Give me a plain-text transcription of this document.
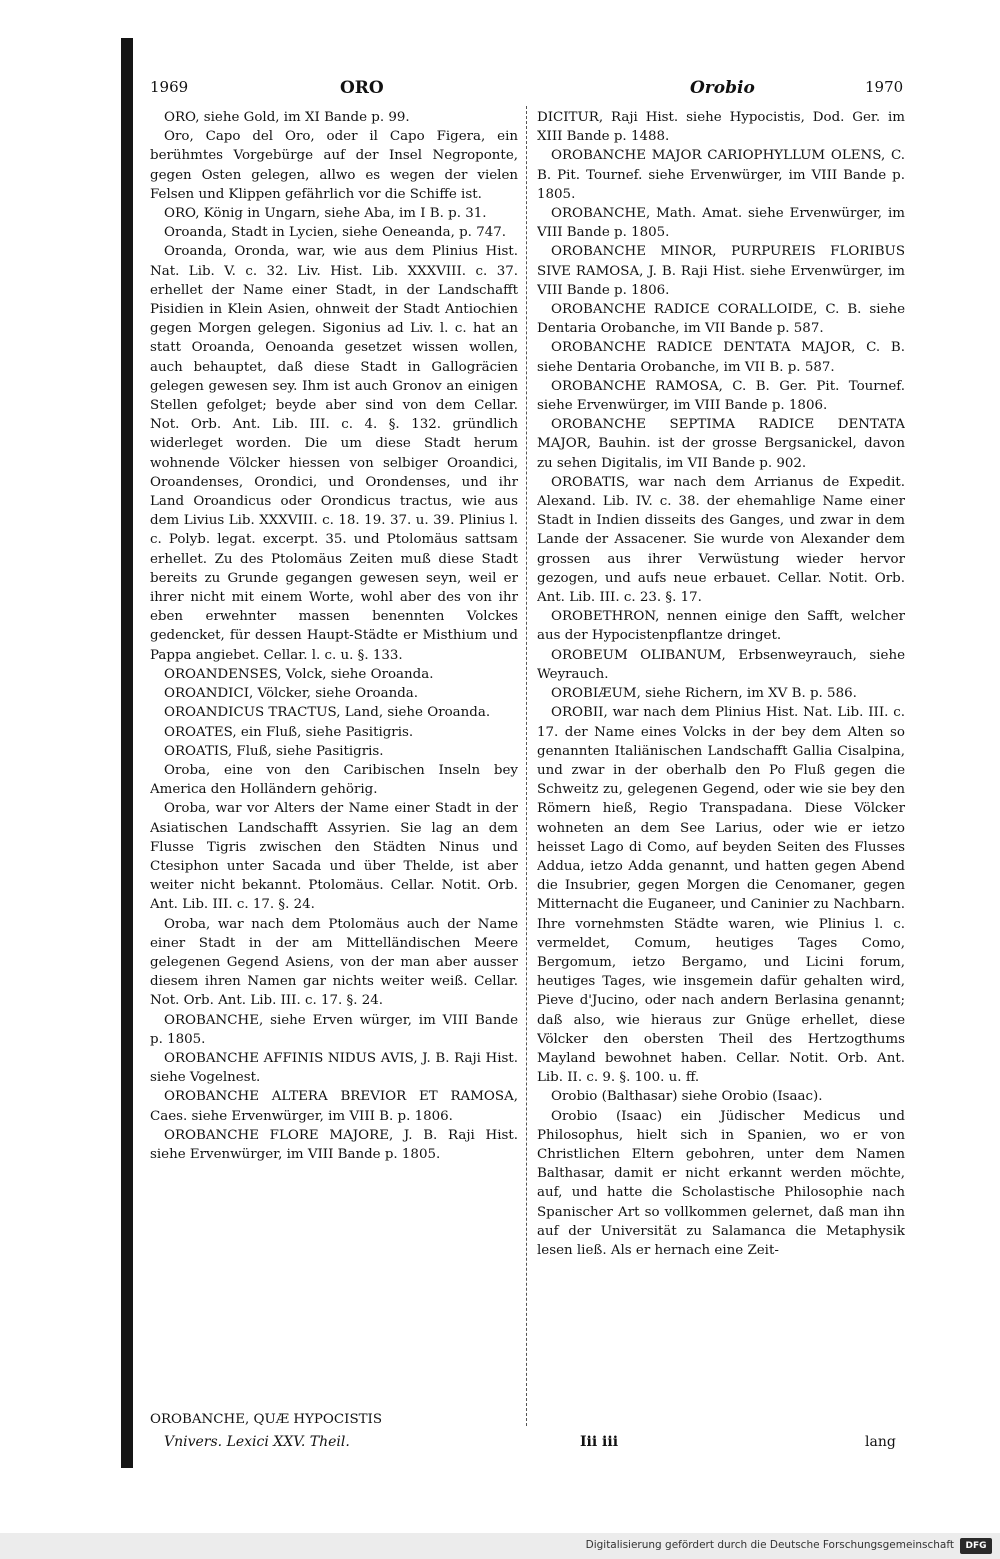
1969	ORO	Orobio	1970

ORO, siehe Gold, im XI Bande p. 99.

Oro, Capo del Oro, oder il Capo Figera, ein berühmtes Vorgebürge auf der Insel Negroponte, gegen Osten gelegen, allwo es wegen der vielen Felsen und Klippen gefährlich vor die Schiffe ist.

ORO, König in Ungarn, siehe Aba, im I B. p. 31.

Oroanda, Stadt in Lycien, siehe Oeneanda, p. 747.

Oroanda, Oronda, war, wie aus dem Plinius Hist. Nat. Lib. V. c. 32. Liv. Hist. Lib. XXXVIII. c. 37. erhellet der Name einer Stadt, in der Landschafft Pisidien in Klein Asien, ohnweit der Stadt Antiochien gegen Morgen gelegen. Sigonius ad Liv. l. c. hat an statt Oroanda, Oenoanda gesetzet wissen wollen, auch behauptet, daß diese Stadt in Gallogräcien gelegen gewesen sey. Ihm ist auch Gronov an einigen Stellen gefolget; beyde aber sind von dem Cellar. Not. Orb. Ant. Lib. III. c. 4. §. 132. gründlich widerleget worden. Die um diese Stadt herum wohnende Völcker hiessen von selbiger Oroandici, Oroandenses, Orondici, und Orondenses, und ihr Land Oroandicus oder Orondicus tractus, wie aus dem Livius Lib. XXXVIII. c. 18. 19. 37. u. 39. Plinius l. c. Polyb. legat. excerpt. 35. und Ptolomäus sattsam erhellet. Zu des Ptolomäus Zeiten muß diese Stadt bereits zu Grunde gegangen gewesen seyn, weil er ihrer nicht mit einem Worte, wohl aber des von ihr eben erwehnter massen benennten Volckes gedencket, für dessen Haupt-Städte er Misthium und Pappa angiebet. Cellar. l. c. u. §. 133.

OROANDENSES, Volck, siehe Oroanda.

OROANDICI, Völcker, siehe Oroanda.

OROANDICUS TRACTUS, Land, siehe Oroanda.

OROATES, ein Fluß, siehe Pasitigris.

OROATIS, Fluß, siehe Pasitigris.

Oroba, eine von den Caribischen Inseln bey America den Holländern gehörig.

Oroba, war vor Alters der Name einer Stadt in der Asiatischen Landschafft Assyrien. Sie lag an dem Flusse Tigris zwischen den Städten Ninus und Ctesiphon unter Sacada und über Thelde, ist aber weiter nicht bekannt. Ptolomäus. Cellar. Notit. Orb. Ant. Lib. III. c. 17. §. 24.

Oroba, war nach dem Ptolomäus auch der Name einer Stadt in der am Mittelländischen Meere gelegenen Gegend Asiens, von der man aber ausser diesem ihren Namen gar nichts weiter weiß. Cellar. Not. Orb. Ant. Lib. III. c. 17. §. 24.

OROBANCHE, siehe Erven würger, im VIII Bande p. 1805.

OROBANCHE AFFINIS NIDUS AVIS, J. B. Raji Hist. siehe Vogelnest.

OROBANCHE ALTERA BREVIOR ET RAMOSA, Caes. siehe Ervenwürger, im VIII B. p. 1806.

OROBANCHE FLORE MAJORE, J. B. Raji Hist. siehe Ervenwürger, im VIII Bande p. 1805.

DICITUR, Raji Hist. siehe Hypocistis, Dod. Ger. im XIII Bande p. 1488.

OROBANCHE MAJOR CARIOPHYLLUM OLENS, C. B. Pit. Tournef. siehe Ervenwürger, im VIII Bande p. 1805.

OROBANCHE, Math. Amat. siehe Ervenwürger, im VIII Bande p. 1805.

OROBANCHE MINOR, PURPUREIS FLORIBUS SIVE RAMOSA, J. B. Raji Hist. siehe Ervenwürger, im VIII Bande p. 1806.

OROBANCHE RADICE CORALLOIDE, C. B. siehe Dentaria Orobanche, im VII Bande p. 587.

OROBANCHE RADICE DENTATA MAJOR, C. B. siehe Dentaria Orobanche, im VII B. p. 587.

OROBANCHE RAMOSA, C. B. Ger. Pit. Tournef. siehe Ervenwürger, im VIII Bande p. 1806.

OROBANCHE SEPTIMA RADICE DENTATA MAJOR, Bauhin. ist der grosse Bergsanickel, davon zu sehen Digitalis, im VII Bande p. 902.

OROBATIS, war nach dem Arrianus de Expedit. Alexand. Lib. IV. c. 38. der ehemahlige Name einer Stadt in Indien disseits des Ganges, und zwar in dem Lande der Assacener. Sie wurde von Alexander dem grossen aus ihrer Verwüstung wieder hervor gezogen, und aufs neue erbauet. Cellar. Notit. Orb. Ant. Lib. III. c. 23. §. 17.

OROBETHRON, nennen einige den Safft, welcher aus der Hypocistenpflantze dringet.

OROBEUM OLIBANUM, Erbsenweyrauch, siehe Weyrauch.

OROBIÆUM, siehe Richern, im XV B. p. 586.

OROBII, war nach dem Plinius Hist. Nat. Lib. III. c. 17. der Name eines Volcks in der bey dem Alten so genannten Italiänischen Landschafft Gallia Cisalpina, und zwar in der oberhalb den Po Fluß gegen die Schweitz zu, gelegenen Gegend, oder wie sie bey den Römern hieß, Regio Transpadana. Diese Völcker wohneten an dem See Larius, oder wie er ietzo heisset Lago di Como, auf beyden Seiten des Flusses Addua, ietzo Adda genannt, und hatten gegen Abend die Insubrier, gegen Morgen die Cenomaner, gegen Mitternacht die Euganeer, und Caninier zu Nachbarn. Ihre vornehmsten Städte waren, wie Plinius l. c. vermeldet, Comum, heutiges Tages Como, Bergomum, ietzo Bergamo, und Licini forum, heutiges Tages, wie insgemein dafür gehalten wird, Pieve d'Jucino, oder nach andern Berlasina genannt; daß also, wie hieraus zur Gnüge erhellet, diese Völcker den obersten Theil des Hertzogthums Mayland bewohnet haben. Cellar. Notit. Orb. Ant. Lib. II. c. 9. §. 100. u. ff.

Orobio (Balthasar) siehe Orobio (Isaac).

Orobio (Isaac) ein Jüdischer Medicus und Philosophus, hielt sich in Spanien, wo er von Christlichen Eltern gebohren, unter dem Namen Balthasar, damit er nicht erkannt werden möchte, auf, und hatte die Scholastische Philosophie nach Spanischer Art so vollkommen gelernet, daß man ihn auf der Universität zu Salamanca die Metaphysik lesen ließ. Als er hernach eine Zeit-

OROBANCHE, QUÆ HYPOCISTIS
Vnivers. Lexici XXV. Theil.	Iii iii	lang
Digitalisierung gefördert durch die Deutsche Forschungsgemeinschaft	DFG
